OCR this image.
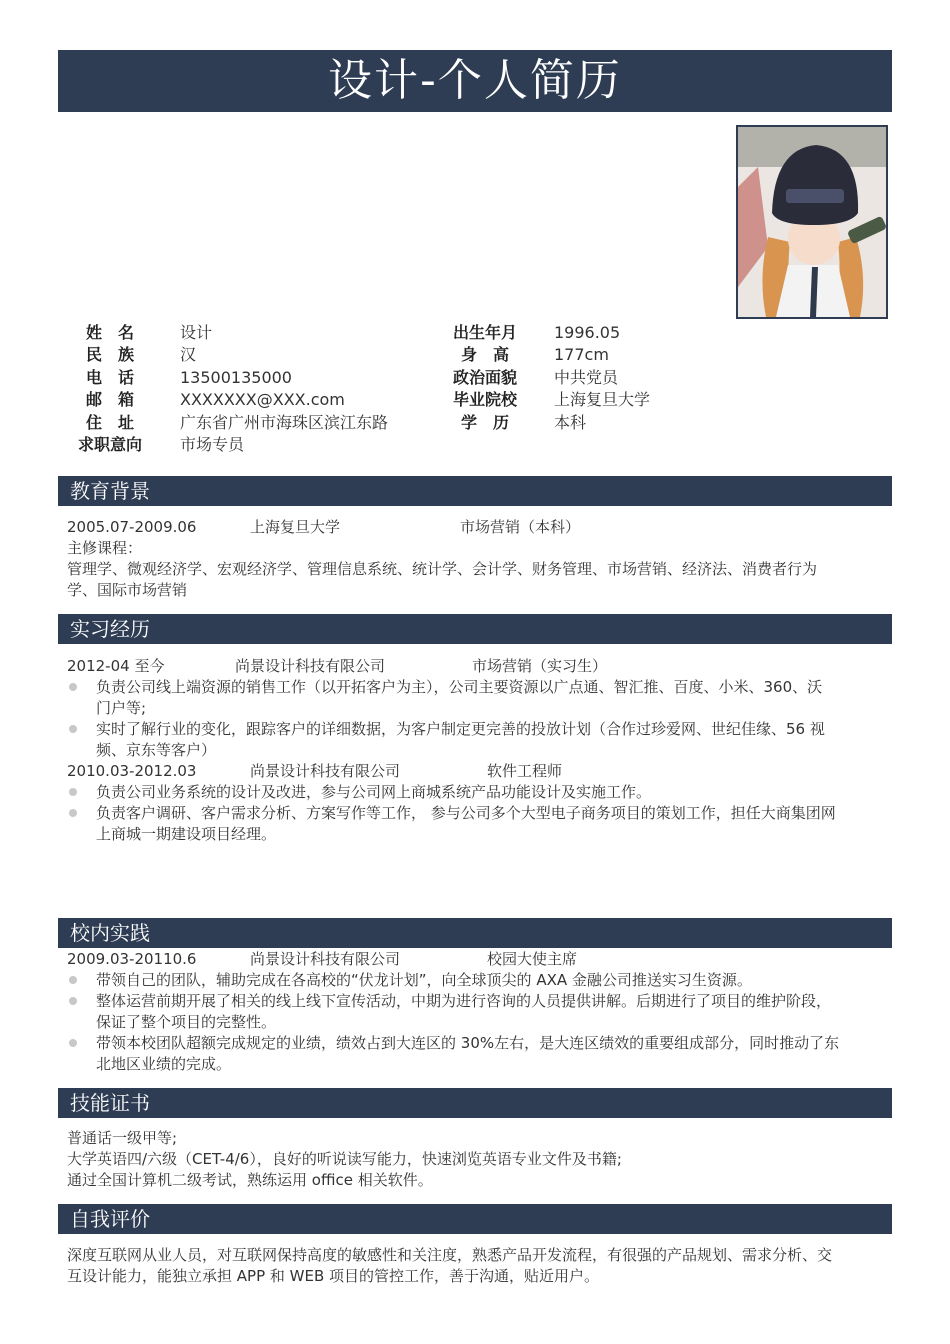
设计-个人简历
姓　名	设计
民　族	汉
电　话	13500135000
邮　箱	XXXXXXX@XXX.com
住　址	广东省广州市海珠区滨江东路
求职意向	市场专员
出生年月	1996.05
身　高	177cm
政治面貌	中共党员
毕业院校	上海复旦大学
学　历	本科
教育背景
2005.07-2009.06	上海复旦大学	市场营销（本科）
主修课程：
管理学、微观经济学、宏观经济学、管理信息系统、统计学、会计学、财务管理、市场营销、经济法、消费者行为
学、国际市场营销
实习经历
2012-04 至今	尚景设计科技有限公司	市场营销（实习生）
负责公司线上端资源的销售工作（以开拓客户为主），公司主要资源以广点通、智汇推、百度、小米、360、沃
门户等;
实时了解行业的变化，跟踪客户的详细数据，为客户制定更完善的投放计划（合作过珍爱网、世纪佳缘、56 视
频、京东等客户）
2010.03-2012.03	尚景设计科技有限公司	软件工程师
负责公司业务系统的设计及改进，参与公司网上商城系统产品功能设计及实施工作。
负责客户调研、客户需求分析、方案写作等工作， 参与公司多个大型电子商务项目的策划工作，担任大商集团网
上商城一期建设项目经理。
校内实践
2009.03-20110.6	尚景设计科技有限公司	校园大使主席
带领自己的团队，辅助完成在各高校的“伏龙计划”，向全球顶尖的 AXA 金融公司推送实习生资源。
整体运营前期开展了相关的线上线下宣传活动，中期为进行咨询的人员提供讲解。后期进行了项目的维护阶段，
保证了整个项目的完整性。
带领本校团队超额完成规定的业绩，绩效占到大连区的 30%左右，是大连区绩效的重要组成部分，同时推动了东
北地区业绩的完成。
技能证书
普通话一级甲等;
大学英语四/六级（CET-4/6），良好的听说读写能力，快速浏览英语专业文件及书籍;
通过全国计算机二级考试，熟练运用 office 相关软件。
自我评价
深度互联网从业人员，对互联网保持高度的敏感性和关注度，熟悉产品开发流程，有很强的产品规划、需求分析、交
互设计能力，能独立承担 APP 和 WEB 项目的管控工作，善于沟通，贴近用户。
